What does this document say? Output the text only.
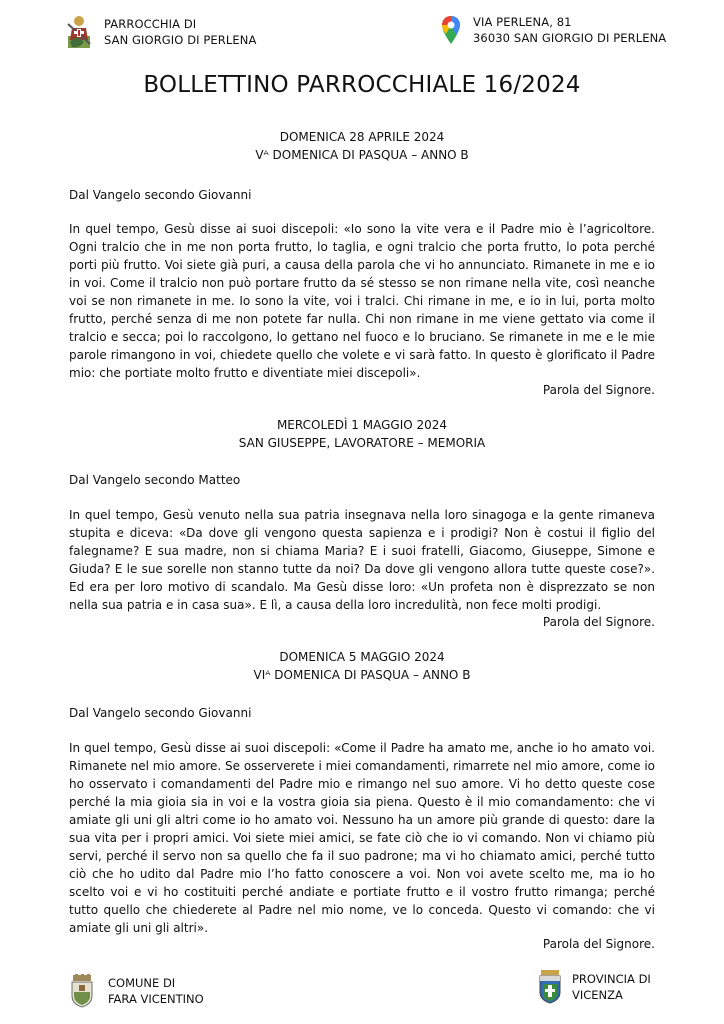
PARROCCHIA DI
SAN GIORGIO DI PERLENA
VIA PERLENA, 81
36030 SAN GIORGIO DI PERLENA
BOLLETTINO PARROCCHIALE 16/2024
DOMENICA 28 APRILE 2024
Vᴬ DOMENICA DI PASQUA – ANNO B
Dal Vangelo secondo Giovanni
In quel tempo, Gesù disse ai suoi discepoli: «Io sono la vite vera e il Padre mio è l’agricoltore. Ogni tralcio che in me non porta frutto, lo taglia, e ogni tralcio che porta frutto, lo pota perché porti più frutto. Voi siete già puri, a causa della parola che vi ho annunciato. Rimanete in me e io in voi. Come il tralcio non può portare frutto da sé stesso se non rimane nella vite, così neanche voi se non rimanete in me. Io sono la vite, voi i tralci. Chi rimane in me, e io in lui, porta molto frutto, perché senza di me non potete far nulla. Chi non rimane in me viene gettato via come il tralcio e secca; poi lo raccolgono, lo gettano nel fuoco e lo bruciano. Se rimanete in me e le mie parole rimangono in voi, chiedete quello che volete e vi sarà fatto. In questo è glorificato il Padre mio: che portiate molto frutto e diventiate miei discepoli».
Parola del Signore.
MERCOLEDÌ 1 MAGGIO 2024
SAN GIUSEPPE, LAVORATORE – MEMORIA
Dal Vangelo secondo Matteo
In quel tempo, Gesù venuto nella sua patria insegnava nella loro sinagoga e la gente rimaneva stupita e diceva: «Da dove gli vengono questa sapienza e i prodigi? Non è costui il figlio del falegname? E sua madre, non si chiama Maria? E i suoi fratelli, Giacomo, Giuseppe, Simone e Giuda? E le sue sorelle non stanno tutte da noi? Da dove gli vengono allora tutte queste cose?». Ed era per loro motivo di scandalo. Ma Gesù disse loro: «Un profeta non è disprezzato se non nella sua patria e in casa sua». E lì, a causa della loro incredulità, non fece molti prodigi.
Parola del Signore.
DOMENICA 5 MAGGIO 2024
VIᴬ DOMENICA DI PASQUA – ANNO B
Dal Vangelo secondo Giovanni
In quel tempo, Gesù disse ai suoi discepoli: «Come il Padre ha amato me, anche io ho amato voi. Rimanete nel mio amore. Se osserverete i miei comandamenti, rimarrete nel mio amore, come io ho osservato i comandamenti del Padre mio e rimango nel suo amore. Vi ho detto queste cose perché la mia gioia sia in voi e la vostra gioia sia piena. Questo è il mio comandamento: che vi amiate gli uni gli altri come io ho amato voi. Nessuno ha un amore più grande di questo: dare la sua vita per i propri amici. Voi siete miei amici, se fate ciò che io vi comando. Non vi chiamo più servi, perché il servo non sa quello che fa il suo padrone; ma vi ho chiamato amici, perché tutto ciò che ho udito dal Padre mio l’ho fatto conoscere a voi. Non voi avete scelto me, ma io ho scelto voi e vi ho costituiti perché andiate e portiate frutto e il vostro frutto rimanga; perché tutto quello che chiederete al Padre nel mio nome, ve lo conceda. Questo vi comando: che vi amiate gli uni gli altri».
Parola del Signore.
COMUNE DI
FARA VICENTINO
PROVINCIA DI
VICENZA
